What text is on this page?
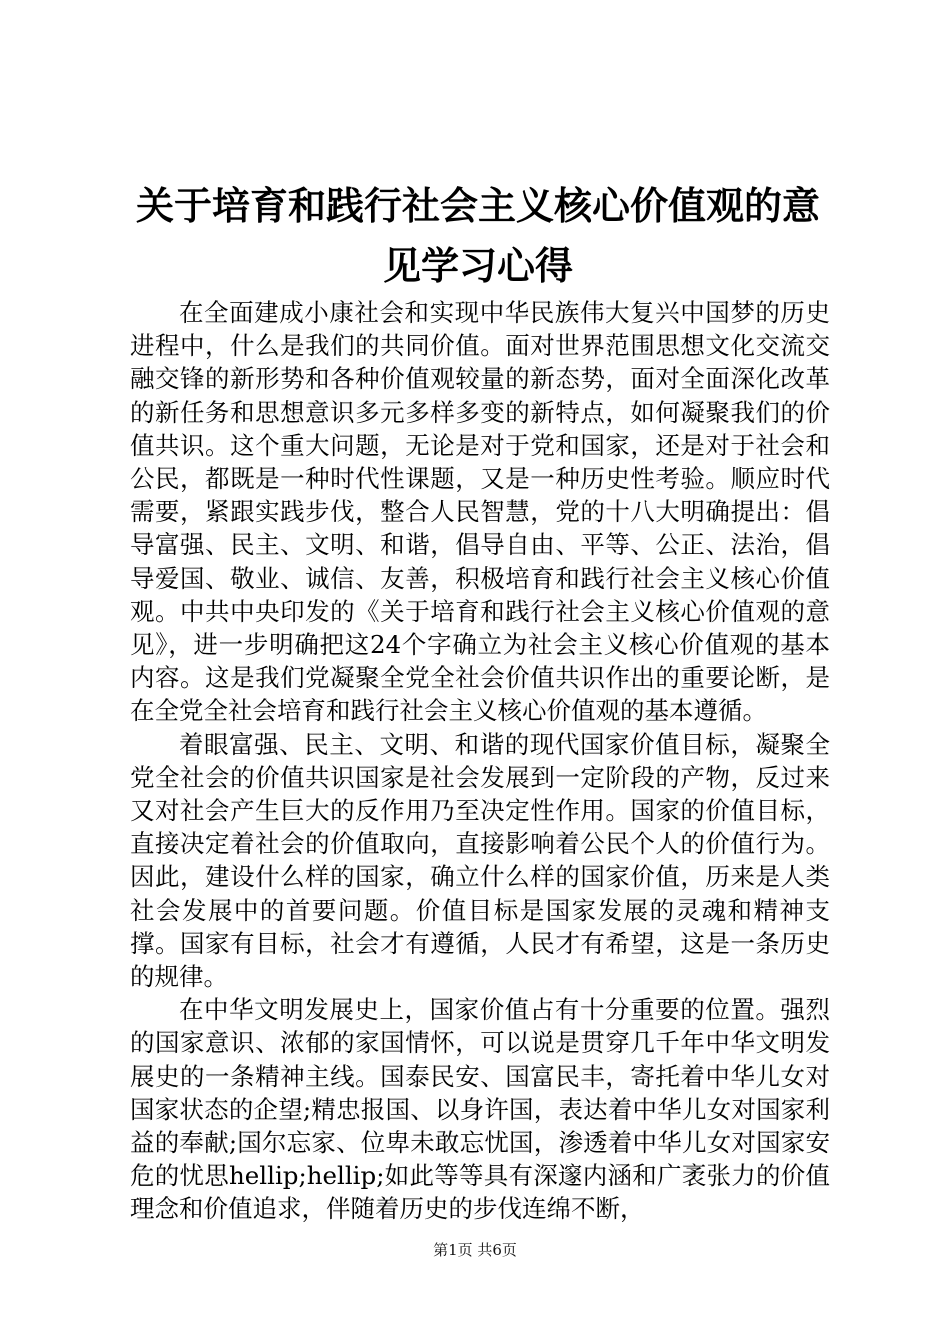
关于培育和践行社会主义核心价值观的意见学习心得

在全面建成小康社会和实现中华民族伟大复兴中国梦的历史进程中，什么是我们的共同价值。面对世界范围思想文化交流交融交锋的新形势和各种价值观较量的新态势，面对全面深化改革的新任务和思想意识多元多样多变的新特点，如何凝聚我们的价值共识。这个重大问题，无论是对于党和国家，还是对于社会和公民，都既是一种时代性课题，又是一种历史性考验。顺应时代需要，紧跟实践步伐，整合人民智慧，党的十八大明确提出：倡导富强、民主、文明、和谐，倡导自由、平等、公正、法治，倡导爱国、敬业、诚信、友善，积极培育和践行社会主义核心价值观。中共中央印发的《关于培育和践行社会主义核心价值观的意见》，进一步明确把这24个字确立为社会主义核心价值观的基本内容。这是我们党凝聚全党全社会价值共识作出的重要论断，是在全党全社会培育和践行社会主义核心价值观的基本遵循。

着眼富强、民主、文明、和谐的现代国家价值目标，凝聚全党全社会的价值共识国家是社会发展到一定阶段的产物，反过来又对社会产生巨大的反作用乃至决定性作用。国家的价值目标，直接决定着社会的价值取向，直接影响着公民个人的价值行为。因此，建设什么样的国家，确立什么样的国家价值，历来是人类社会发展中的首要问题。价值目标是国家发展的灵魂和精神支撑。国家有目标，社会才有遵循，人民才有希望，这是一条历史的规律。

在中华文明发展史上，国家价值占有十分重要的位置。强烈的国家意识、浓郁的家国情怀，可以说是贯穿几千年中华文明发展史的一条精神主线。国泰民安、国富民丰，寄托着中华儿女对国家状态的企望;精忠报国、以身许国，表达着中华儿女对国家利益的奉献;国尔忘家、位卑未敢忘忧国，渗透着中华儿女对国家安危的忧思hellip;hellip;如此等等具有深邃内涵和广袤张力的价值理念和价值追求，伴随着历史的步伐连绵不断，

第1页 共6页
